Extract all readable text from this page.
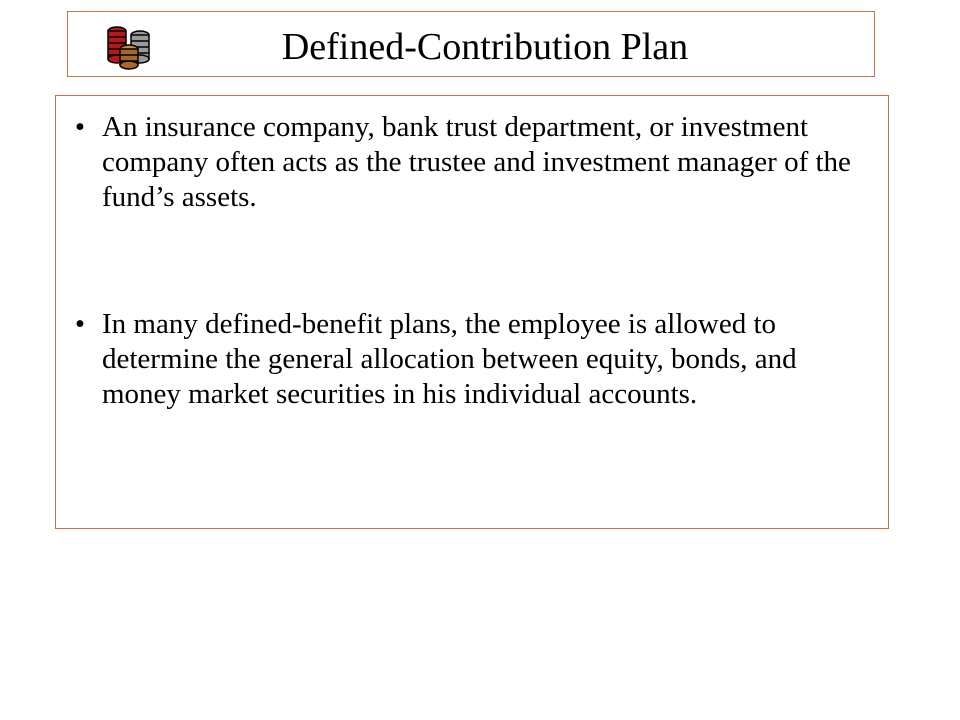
Defined-Contribution Plan
• An insurance company, bank trust department, or investment company often acts as the trustee and investment manager of the fund’s assets.
• In many defined-benefit plans, the employee is allowed to determine the general allocation between equity, bonds, and money market securities in his individual accounts.
